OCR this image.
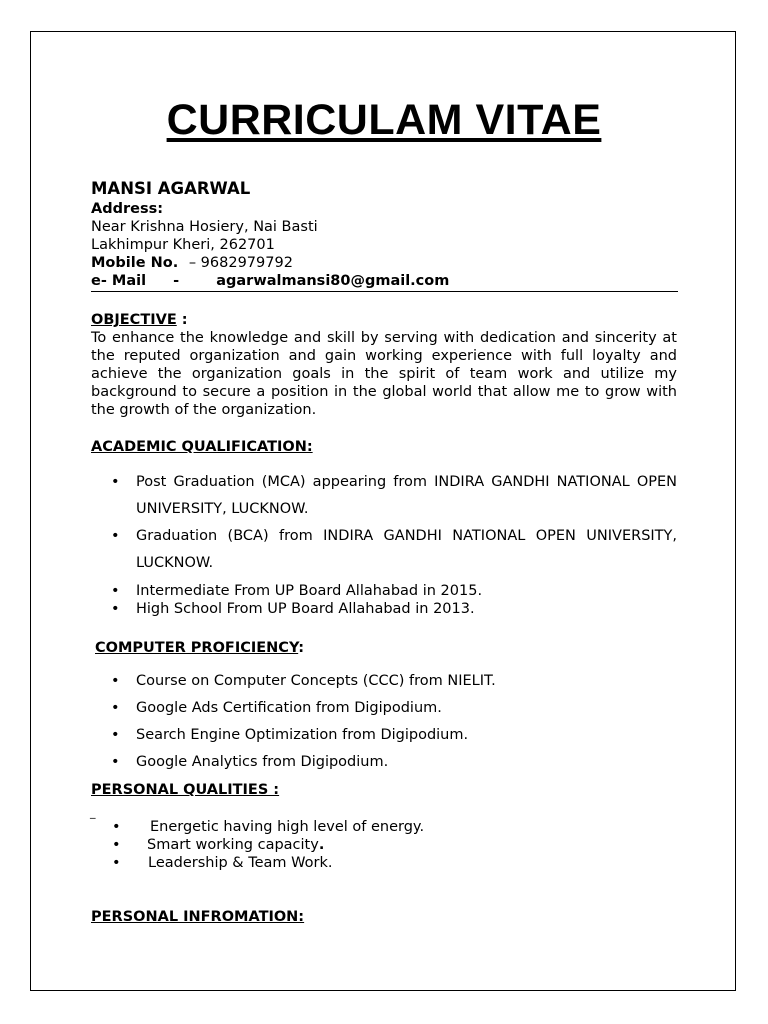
CURRICULAM VITAE
MANSI AGARWAL
Address:
Near Krishna Hosiery, Nai Basti
Lakhimpur Kheri, 262701
Mobile No. – 9682979792
e- Mail -	agarwalmansi80@gmail.com
OBJECTIVE :
To enhance the knowledge and skill by serving with dedication and sincerity at the reputed organization and gain working experience with full loyalty and achieve the organization goals in the spirit of team work and utilize my background to secure a position in the global world that allow me to grow with the growth of the organization.
ACADEMIC QUALIFICATION:
• Post Graduation (MCA) appearing from INDIRA GANDHI NATIONAL OPEN UNIVERSITY, LUCKNOW.
• Graduation (BCA) from INDIRA GANDHI NATIONAL OPEN UNIVERSITY, LUCKNOW.
• Intermediate From UP Board Allahabad in 2015.
• High School From UP Board Allahabad in 2013.
COMPUTER PROFICIENCY:
• Course on Computer Concepts (CCC) from NIELIT.
• Google Ads Certification from Digipodium.
• Search Engine Optimization from Digipodium.
• Google Analytics from Digipodium.
PERSONAL QUALITIES :
_
• Energetic having high level of energy.
• Smart working capacity.
• Leadership & Team Work.
PERSONAL INFROMATION:
